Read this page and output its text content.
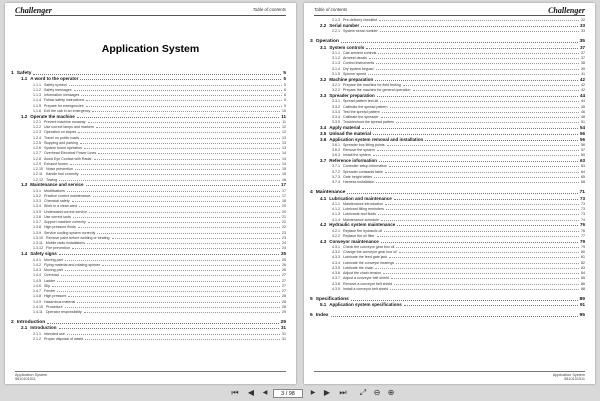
Challenger	Table of contents
Application System
1 Safety	5
1.1 A word to the operator	5
1.1.1 Safety symbol	5
1.1.2 Safety messages	6
1.1.3 Information messages	6
1.1.4 Follow safety instructions	9
1.1.5 Prepare for emergencies	9
1.1.6 Exit the cab in an emergency	10
1.2 Operate the machine	11
1.2.1 Prevent machine runaway	11
1.2.2 Use correct lamps and markers	12
1.2.3 Operation on slopes	12
1.2.4 Travel on public roads	13
1.2.5 Stopping and parking	13
1.2.6 System boom operation	13
1.2.7 Overhead Electrical Power Lines	14
1.2.8 Avoid Eye Contact with Radar	14
1.2.9 Exhaust fumes	14
1.2.10 Noise prevention	15
1.2.11 Handle fuel correctly	15
1.2.12 Towing	16
1.3 Maintenance and service	17
1.3.1 Modifications	17
1.3.2 Practice correct maintenance	17
1.3.3 Chemical safety	18
1.3.4 Work in a clean area	20
1.3.5 Understand correct service	20
1.3.6 Use correct tools	21
1.3.7 Support machine correctly	22
1.3.8 High pressure fluids	22
1.3.9 Service cooling system correctly	23
1.3.10 Remove paint before welding or heating	23
1.3.11 Mobile radio installations	24
1.3.12 Fire prevention	24
1.4 Safety signs	25
1.4.1 Moving part	25
1.4.2 Flying material and rotating spinner	26
1.4.3 Moving part	26
1.4.4 Overload	27
1.4.5 Ladder	27
1.4.6 Slip	27
1.4.7 Fender	27
1.4.8 High pressure	28
1.4.9 Hazardous material	28
1.4.10 Procedure	28
1.4.11 Operator responsibility	29
2 Introduction	29
2.1 Introduction	31
2.1.1 Intended use	31
2.1.2 Proper disposal of waste	31
Application System
5810101511
Table of contents	Challenger
2.1.3 Pre-delivery checklist	32
2.2 Serial number	33
2.2.1 System serial number	33
3 Operation	35
3.1 System controls	37
3.1.1 Cab armrest controls	37
3.1.2 Armrest decals	37
3.1.3 Control instruments	38
3.1.4 Dry system keypad	39
3.1.5 Spinner speed	41
3.2 Machine preparation	42
3.2.1 Prepare the machine for field testing	42
3.2.2 Prepare the machine for general operation	42
3.3 Spreader preparation	44
3.3.1 Spread pattern test kit	44
3.3.2 Calibrate the spread pattern	45
3.3.3 Test the spread pattern	46
3.3.4 Calibrate the spreader	48
3.3.5 Troubleshoot the spread pattern	51
3.4 Apply material	54
3.5 Unload the material	56
3.6 Application system removal and installation	56
3.6.1 Spreader box lifting points	56
3.6.2 Remove the system	57
3.6.3 Install the system	60
3.7 Reference information	63
3.7.1 Controller setup information	63
3.7.2 Spreader constants table	64
3.7.3 Gate height tables	65
3.7.4 Harness installation	68
4 Maintenance	71
4.1 Lubrication and maintenance	73
4.1.1 Maintenance introduction	73
4.1.2 Lubricant filling reminders	73
4.1.3 Lubricants and fluids	73
4.1.4 Maintenance schedule	74
4.2 Hydraulic system maintenance	76
4.2.1 Replace the hydraulic oil	76
4.2.2 Replace the oil filter	77
4.3 Conveyor maintenance	79
4.3.1 Check the conveyor gear box oil	79
4.3.2 Change the conveyor gear box oil	80
4.3.3 Lubricate the feed gate jack	81
4.3.4 Lubricate the conveyor bearings	82
4.3.5 Lubricate the chain	83
4.3.6 Adjust the chain tension	84
4.3.7 Adjust a conveyor belt shield	85
4.3.8 Remove a conveyor belt shield	86
4.3.9 Install a conveyor belt shield	88
5 Specifications	89
5.1 Application system specifications	91
6 Index	95
Application System
5810101511
⏮ ◀	◀	3 / 98	▶	▶ ⏭ ⤢ ⊖ ⊕
